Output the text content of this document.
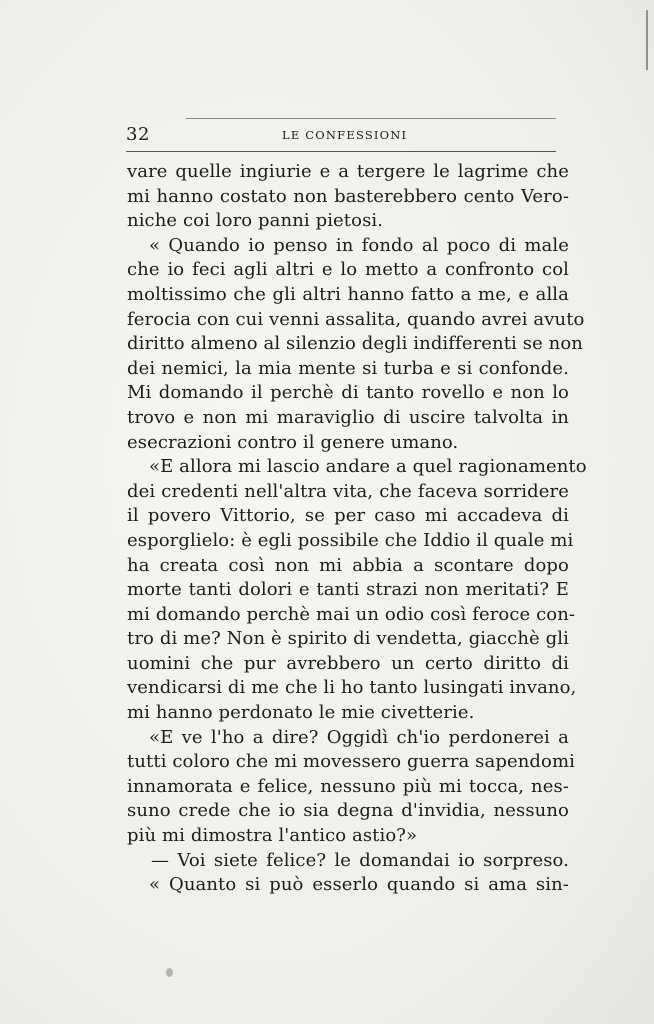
32	LE CONFESSIONI
vare quelle ingiurie e a tergere le lagrime che
mi hanno costato non basterebbero cento Vero-
niche coi loro panni pietosi.
« Quando io penso in fondo al poco di male
che io feci agli altri e lo metto a confronto col
moltissimo che gli altri hanno fatto a me, e alla
ferocia con cui venni assalita, quando avrei avuto
diritto almeno al silenzio degli indifferenti se non
dei nemici, la mia mente si turba e si confonde.
Mi domando il perchè di tanto rovello e non lo
trovo e non mi maraviglio di uscire talvolta in
esecrazioni contro il genere umano.
«E allora mi lascio andare a quel ragionamento
dei credenti nell'altra vita, che faceva sorridere
il povero Vittorio, se per caso mi accadeva di
esporglielo: è egli possibile che Iddio il quale mi
ha creata così non mi abbia a scontare dopo
morte tanti dolori e tanti strazi non meritati? E
mi domando perchè mai un odio così feroce con-
tro di me? Non è spirito di vendetta, giacchè gli
uomini che pur avrebbero un certo diritto di
vendicarsi di me che li ho tanto lusingati invano,
mi hanno perdonato le mie civetterie.
«E ve l'ho a dire? Oggidì ch'io perdonerei a
tutti coloro che mi movessero guerra sapendomi
innamorata e felice, nessuno più mi tocca, nes-
suno crede che io sia degna d'invidia, nessuno
più mi dimostra l'antico astio?»
— Voi siete felice? le domandai io sorpreso.
« Quanto si può esserlo quando si ama sin-
